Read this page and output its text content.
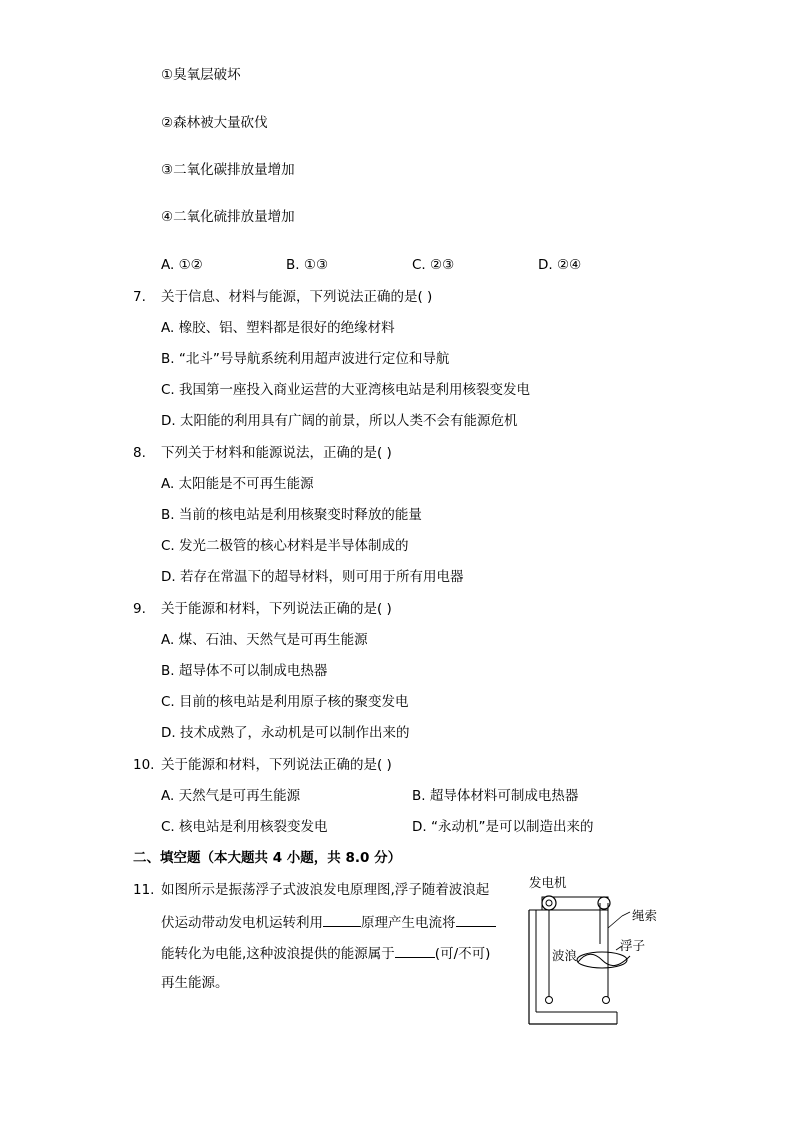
①臭氧层破坏
②森林被大量砍伐
③二氧化碳排放量增加
④二氧化硫排放量增加
A. ①②	B. ①③	C. ②③	D. ②④
7. 关于信息、材料与能源，下列说法正确的是( )
A. 橡胶、铝、塑料都是很好的绝缘材料
B. “北斗”号导航系统利用超声波进行定位和导航
C. 我国第一座投入商业运营的大亚湾核电站是利用核裂变发电
D. 太阳能的利用具有广阔的前景，所以人类不会有能源危机
8. 下列关于材料和能源说法，正确的是( )
A. 太阳能是不可再生能源
B. 当前的核电站是利用核聚变时释放的能量
C. 发光二极管的核心材料是半导体制成的
D. 若存在常温下的超导材料，则可用于所有用电器
9. 关于能源和材料，下列说法正确的是( )
A. 煤、石油、天然气是可再生能源
B. 超导体不可以制成电热器
C. 目前的核电站是利用原子核的聚变发电
D. 技术成熟了，永动机是可以制作出来的
10. 关于能源和材料，下列说法正确的是( )
A. 天然气是可再生能源	B. 超导体材料可制成电热器
C. 核电站是利用核裂变发电	D. “永动机”是可以制造出来的
二、填空题（本大题共 4 小题，共 8.0 分）
11. 如图所示是振荡浮子式波浪发电原理图,浮子随着波浪起
伏运动带动发电机运转利用	原理产生电流将
能转化为电能,这种波浪提供的能源属于	(可/不可)
再生能源。
发电机
绳索
浮子
波浪
